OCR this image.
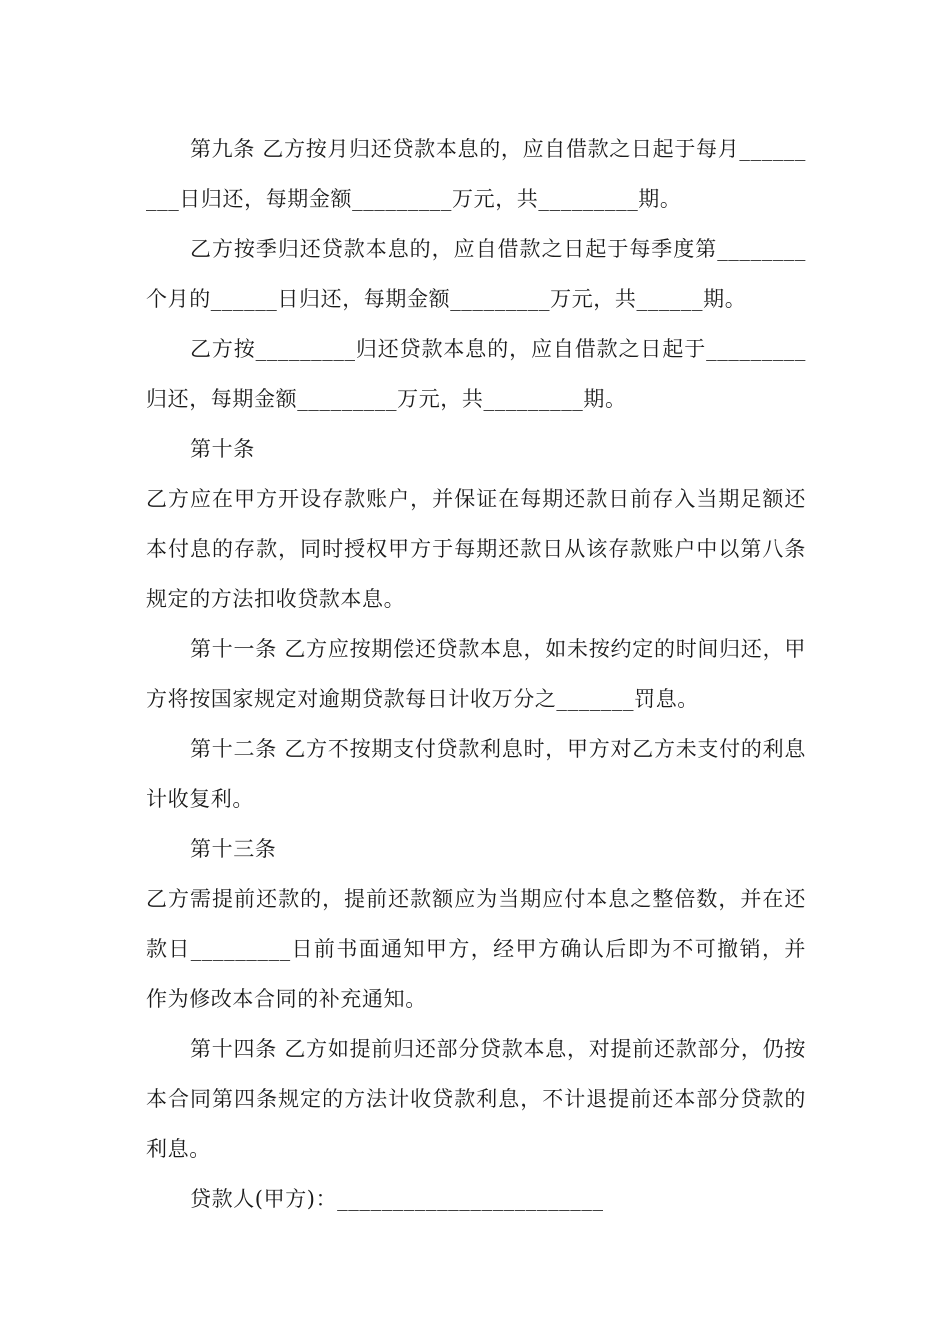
第九条 乙方按月归还贷款本息的，应自借款之日起于每月_________日归还，每期金额_________万元，共_________期。

乙方按季归还贷款本息的，应自借款之日起于每季度第________个月的______日归还，每期金额_________万元，共______期。

乙方按_________归还贷款本息的，应自借款之日起于_________归还，每期金额_________万元，共_________期。

第十条

乙方应在甲方开设存款账户，并保证在每期还款日前存入当期足额还本付息的存款，同时授权甲方于每期还款日从该存款账户中以第八条规定的方法扣收贷款本息。

第十一条 乙方应按期偿还贷款本息，如未按约定的时间归还，甲方将按国家规定对逾期贷款每日计收万分之_______罚息。

第十二条 乙方不按期支付贷款利息时，甲方对乙方未支付的利息计收复利。

第十三条

乙方需提前还款的，提前还款额应为当期应付本息之整倍数，并在还款日_________日前书面通知甲方，经甲方确认后即为不可撤销，并作为修改本合同的补充通知。

第十四条 乙方如提前归还部分贷款本息，对提前还款部分，仍按本合同第四条规定的方法计收贷款利息，不计退提前还本部分贷款的利息。

贷款人(甲方)：________________________
